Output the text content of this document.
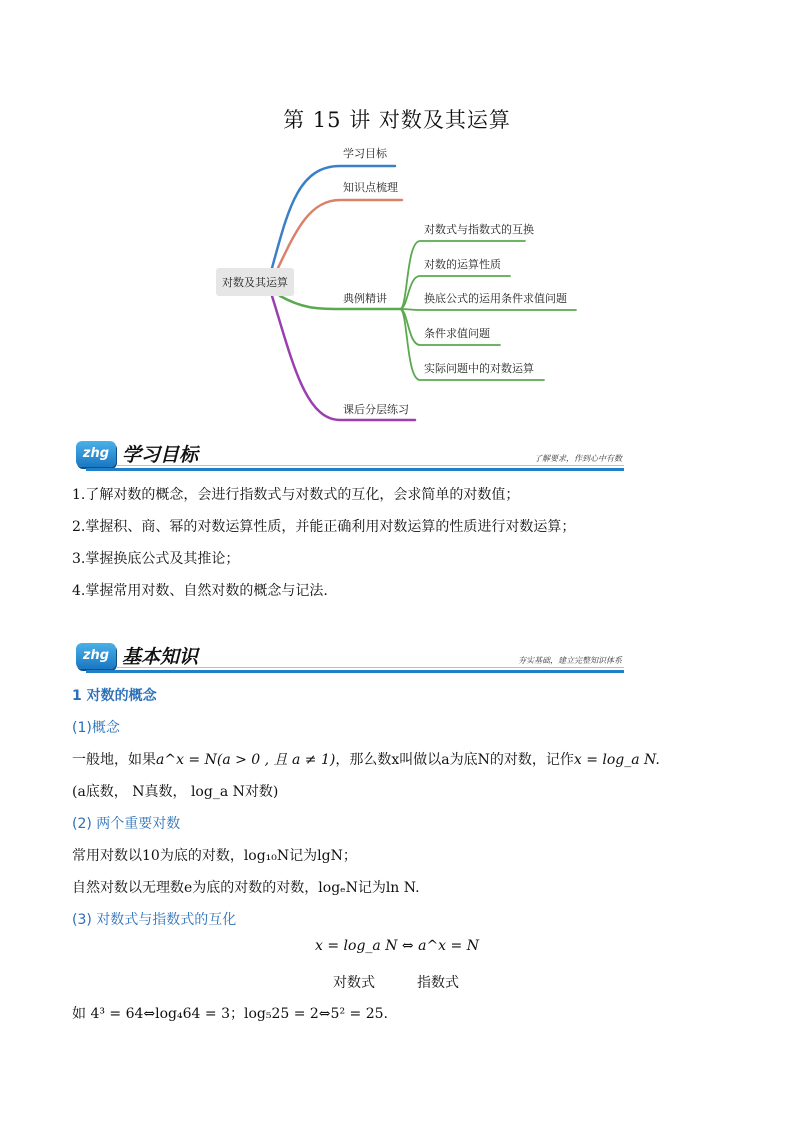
第 15 讲 对数及其运算
对数及其运算
学习目标
知识点梳理
典例精讲
课后分层练习
对数式与指数式的互换
对数的运算性质
换底公式的运用条件求值问题
条件求值问题
实际问题中的对数运算
zhg 学习目标	了解要求，作到心中有数
1.了解对数的概念，会进行指数式与对数式的互化，会求简单的对数值；
2.掌握积、商、幂的对数运算性质，并能正确利用对数运算的性质进行对数运算；
3.掌握换底公式及其推论；
4.掌握常用对数、自然对数的概念与记法.
zhg 基本知识	夯实基础，建立完整知识体系
1 对数的概念
(1)概念
一般地，如果a^x = N(a > 0 , 且 a ≠ 1)，那么数x叫做以a为底N的对数，记作x = log_a N.
(a底数， N真数， log_a N对数)
(2) 两个重要对数
常用对数以10为底的对数，log₁₀N记为lgN；
自然对数以无理数e为底的对数的对数，logₑN记为ln N.
(3) 对数式与指数式的互化
x = log_a N ⇔ a^x = N
对数式	指数式
如 4³ = 64⇔log₄64 = 3；log₅25 = 2⇔5² = 25.
